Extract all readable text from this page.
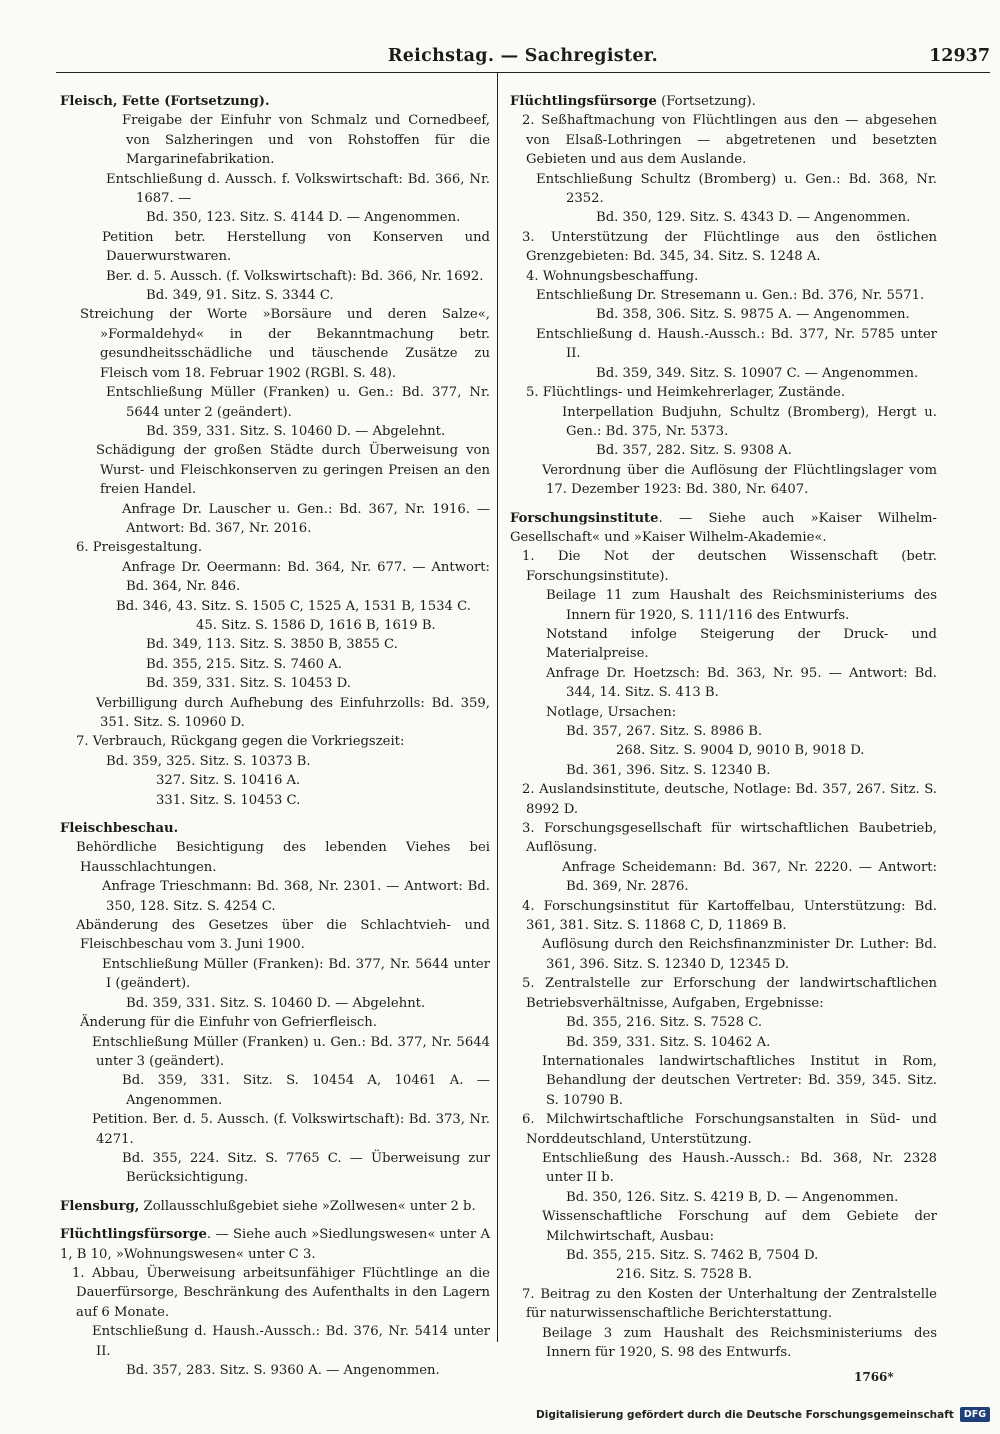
Reichstag. — Sachregister.	12937

Fleisch, Fette (Fortsetzung).

Freigabe der Einfuhr von Schmalz und Cornedbeef, von Salzheringen und von Rohstoffen für die Margarinefabrikation.

Entschließung d. Aussch. f. Volkswirtschaft: Bd. 366, Nr. 1687. —

Bd. 350, 123. Sitz. S. 4144 D. — Angenommen.

Petition betr. Herstellung von Konserven und Dauerwurstwaren.

Ber. d. 5. Aussch. (f. Volkswirtschaft): Bd. 366, Nr. 1692.

Bd. 349, 91. Sitz. S. 3344 C.

Streichung der Worte »Borsäure und deren Salze«, »Formaldehyd« in der Bekanntmachung betr. gesundheitsschädliche und täuschende Zusätze zu Fleisch vom 18. Februar 1902 (RGBl. S. 48).

Entschließung Müller (Franken) u. Gen.: Bd. 377, Nr. 5644 unter 2 (geändert).

Bd. 359, 331. Sitz. S. 10460 D. — Abgelehnt.

Schädigung der großen Städte durch Überweisung von Wurst- und Fleischkonserven zu geringen Preisen an den freien Handel.

Anfrage Dr. Lauscher u. Gen.: Bd. 367, Nr. 1916. — Antwort: Bd. 367, Nr. 2016.

6. Preisgestaltung.

Anfrage Dr. Oeermann: Bd. 364, Nr. 677. — Antwort: Bd. 364, Nr. 846.

Bd. 346, 43. Sitz. S. 1505 C, 1525 A, 1531 B, 1534 C.

45. Sitz. S. 1586 D, 1616 B, 1619 B.

Bd. 349, 113. Sitz. S. 3850 B, 3855 C.

Bd. 355, 215. Sitz. S. 7460 A.

Bd. 359, 331. Sitz. S. 10453 D.

Verbilligung durch Aufhebung des Einfuhrzolls: Bd. 359, 351. Sitz. S. 10960 D.

7. Verbrauch, Rückgang gegen die Vorkriegszeit:

Bd. 359, 325. Sitz. S. 10373 B.

327. Sitz. S. 10416 A.

331. Sitz. S. 10453 C.

Fleischbeschau.

Behördliche Besichtigung des lebenden Viehes bei Hausschlachtungen.

Anfrage Trieschmann: Bd. 368, Nr. 2301. — Antwort: Bd. 350, 128. Sitz. S. 4254 C.

Abänderung des Gesetzes über die Schlachtvieh- und Fleischbeschau vom 3. Juni 1900.

Entschließung Müller (Franken): Bd. 377, Nr. 5644 unter I (geändert).

Bd. 359, 331. Sitz. S. 10460 D. — Abgelehnt.

Änderung für die Einfuhr von Gefrierfleisch.

Entschließung Müller (Franken) u. Gen.: Bd. 377, Nr. 5644 unter 3 (geändert).

Bd. 359, 331. Sitz. S. 10454 A, 10461 A. — Angenommen.

Petition. Ber. d. 5. Aussch. (f. Volkswirtschaft): Bd. 373, Nr. 4271.

Bd. 355, 224. Sitz. S. 7765 C. — Überweisung zur Berücksichtigung.

Flensburg, Zollausschlußgebiet siehe »Zollwesen« unter 2 b.

Flüchtlingsfürsorge. — Siehe auch »Siedlungswesen« unter A 1, B 10, »Wohnungswesen« unter C 3.

1. Abbau, Überweisung arbeitsunfähiger Flüchtlinge an die Dauerfürsorge, Beschränkung des Aufenthalts in den Lagern auf 6 Monate.

Entschließung d. Haush.-Aussch.: Bd. 376, Nr. 5414 unter II.

Bd. 357, 283. Sitz. S. 9360 A. — Angenommen.

Flüchtlingsfürsorge (Fortsetzung).

2. Seßhaftmachung von Flüchtlingen aus den — abgesehen von Elsaß-Lothringen — abgetretenen und besetzten Gebieten und aus dem Auslande.

Entschließung Schultz (Bromberg) u. Gen.: Bd. 368, Nr. 2352.

Bd. 350, 129. Sitz. S. 4343 D. — Angenommen.

3. Unterstützung der Flüchtlinge aus den östlichen Grenzgebieten: Bd. 345, 34. Sitz. S. 1248 A.

4. Wohnungsbeschaffung.

Entschließung Dr. Stresemann u. Gen.: Bd. 376, Nr. 5571.

Bd. 358, 306. Sitz. S. 9875 A. — Angenommen.

Entschließung d. Haush.-Aussch.: Bd. 377, Nr. 5785 unter II.

Bd. 359, 349. Sitz. S. 10907 C. — Angenommen.

5. Flüchtlings- und Heimkehrerlager, Zustände.

Interpellation Budjuhn, Schultz (Bromberg), Hergt u. Gen.: Bd. 375, Nr. 5373.

Bd. 357, 282. Sitz. S. 9308 A.

Verordnung über die Auflösung der Flüchtlingslager vom 17. Dezember 1923: Bd. 380, Nr. 6407.

Forschungsinstitute. — Siehe auch »Kaiser Wilhelm-Gesellschaft« und »Kaiser Wilhelm-Akademie«.

1. Die Not der deutschen Wissenschaft (betr. Forschungsinstitute).

Beilage 11 zum Haushalt des Reichsministeriums des Innern für 1920, S. 111/116 des Entwurfs.

Notstand infolge Steigerung der Druck- und Materialpreise.

Anfrage Dr. Hoetzsch: Bd. 363, Nr. 95. — Antwort: Bd. 344, 14. Sitz. S. 413 B.

Notlage, Ursachen:

Bd. 357, 267. Sitz. S. 8986 B.

268. Sitz. S. 9004 D, 9010 B, 9018 D.

Bd. 361, 396. Sitz. S. 12340 B.

2. Auslandsinstitute, deutsche, Notlage: Bd. 357, 267. Sitz. S. 8992 D.

3. Forschungsgesellschaft für wirtschaftlichen Baubetrieb, Auflösung.

Anfrage Scheidemann: Bd. 367, Nr. 2220. — Antwort: Bd. 369, Nr. 2876.

4. Forschungsinstitut für Kartoffelbau, Unterstützung: Bd. 361, 381. Sitz. S. 11868 C, D, 11869 B.

Auflösung durch den Reichsfinanzminister Dr. Luther: Bd. 361, 396. Sitz. S. 12340 D, 12345 D.

5. Zentralstelle zur Erforschung der landwirtschaftlichen Betriebsverhältnisse, Aufgaben, Ergebnisse:

Bd. 355, 216. Sitz. S. 7528 C.

Bd. 359, 331. Sitz. S. 10462 A.

Internationales landwirtschaftliches Institut in Rom, Behandlung der deutschen Vertreter: Bd. 359, 345. Sitz. S. 10790 B.

6. Milchwirtschaftliche Forschungsanstalten in Süd- und Norddeutschland, Unterstützung.

Entschließung des Haush.-Aussch.: Bd. 368, Nr. 2328 unter II b.

Bd. 350, 126. Sitz. S. 4219 B, D. — Angenommen.

Wissenschaftliche Forschung auf dem Gebiete der Milchwirtschaft, Ausbau:

Bd. 355, 215. Sitz. S. 7462 B, 7504 D.

216. Sitz. S. 7528 B.

7. Beitrag zu den Kosten der Unterhaltung der Zentralstelle für naturwissenschaftliche Berichterstattung.

Beilage 3 zum Haushalt des Reichsministeriums des Innern für 1920, S. 98 des Entwurfs.

1766*
Digitalisierung gefördert durch die Deutsche Forschungsgemeinschaft	DFG
